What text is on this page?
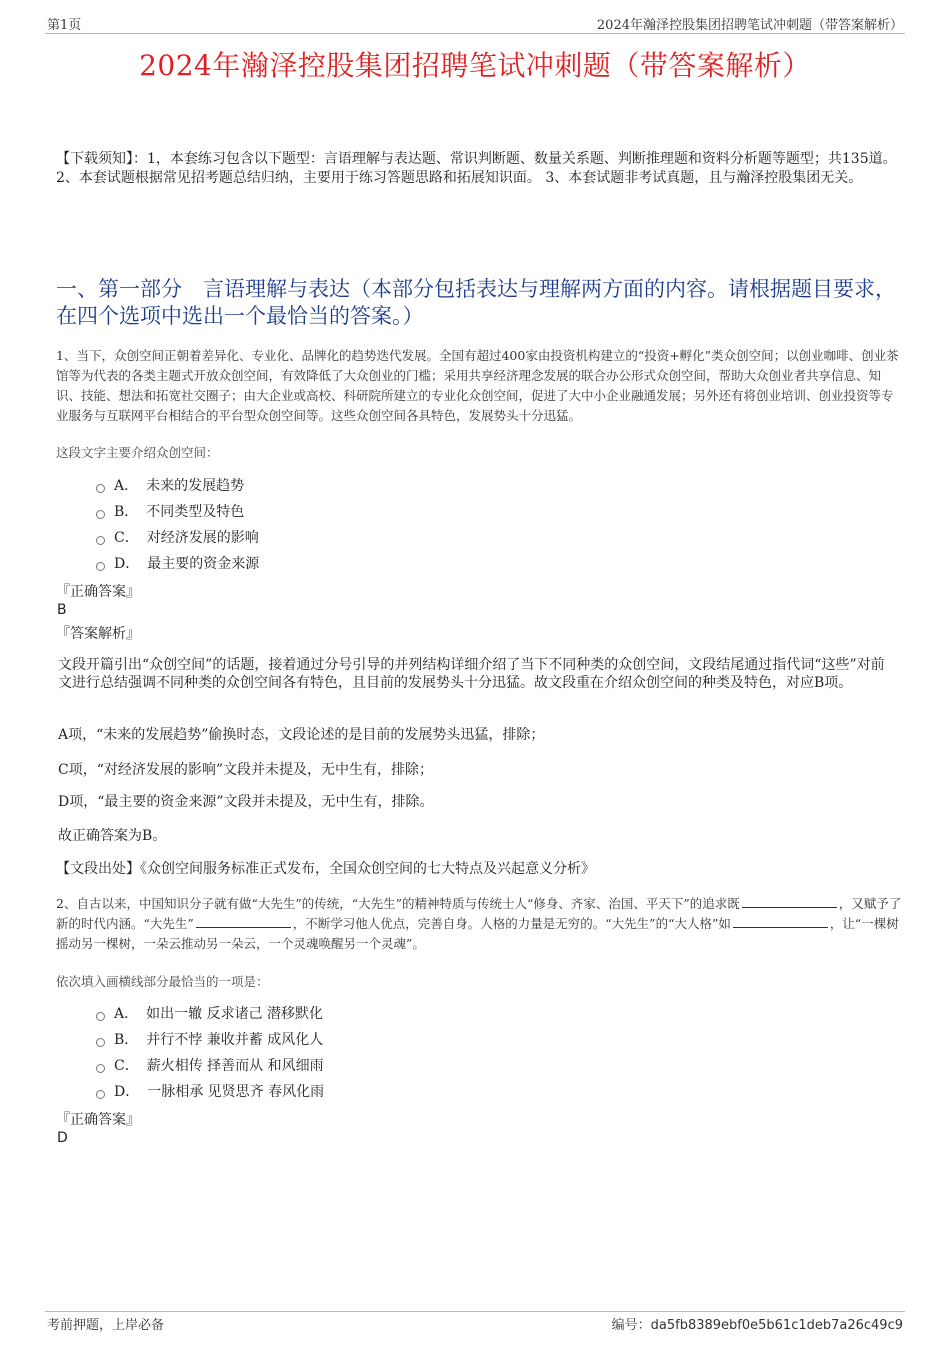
第1页	2024年瀚泽控股集团招聘笔试冲刺题（带答案解析）
2024年瀚泽控股集团招聘笔试冲刺题（带答案解析）
【下载须知】：1，本套练习包含以下题型：言语理解与表达题、常识判断题、数量关系题、判断推理题和资料分析题等题型；共135道。 2、本套试题根据常见招考题总结归纳，主要用于练习答题思路和拓展知识面。 3、本套试题非考试真题，且与瀚泽控股集团无关。
一、第一部分　言语理解与表达（本部分包括表达与理解两方面的内容。请根据题目要求，在四个选项中选出一个最恰当的答案。）
1、当下，众创空间正朝着差异化、专业化、品牌化的趋势迭代发展。全国有超过400家由投资机构建立的“投资+孵化”类众创空间；以创业咖啡、创业茶馆等为代表的各类主题式开放众创空间，有效降低了大众创业的门槛；采用共享经济理念发展的联合办公形式众创空间，帮助大众创业者共享信息、知识、技能、想法和拓宽社交圈子；由大企业或高校、科研院所建立的专业化众创空间，促进了大中小企业融通发展；另外还有将创业培训、创业投资等专业服务与互联网平台相结合的平台型众创空间等。这些众创空间各具特色，发展势头十分迅猛。
这段文字主要介绍众创空间：
A． 未来的发展趋势
B． 不同类型及特色
C． 对经济发展的影响
D． 最主要的资金来源
『正确答案』
B
『答案解析』
文段开篇引出“众创空间”的话题，接着通过分号引导的并列结构详细介绍了当下不同种类的众创空间，文段结尾通过指代词“这些”对前文进行总结强调不同种类的众创空间各有特色，且目前的发展势头十分迅猛。故文段重在介绍众创空间的种类及特色，对应B项。
A项，“未来的发展趋势”偷换时态，文段论述的是目前的发展势头迅猛，排除；
C项，“对经济发展的影响”文段并未提及，无中生有，排除；
D项，“最主要的资金来源”文段并未提及，无中生有，排除。
故正确答案为B。
【文段出处】《众创空间服务标准正式发布，全国众创空间的七大特点及兴起意义分析》
2、自古以来，中国知识分子就有做“大先生”的传统，“大先生”的精神特质与传统士人“修身、齐家、治国、平天下”的追求既	，又赋予了新的时代内涵。“大先生”	，不断学习他人优点，完善自身。人格的力量是无穷的。“大先生”的“大人格”如	，让“一棵树摇动另一棵树，一朵云推动另一朵云，一个灵魂唤醒另一个灵魂”。
依次填入画横线部分最恰当的一项是：
A． 如出一辙 反求诸己 潜移默化
B． 并行不悖 兼收并蓄 成风化人
C． 薪火相传 择善而从 和风细雨
D． 一脉相承 见贤思齐 春风化雨
『正确答案』
D
考前押题，上岸必备	编号：da5fb8389ebf0e5b61c1deb7a26c49c9
